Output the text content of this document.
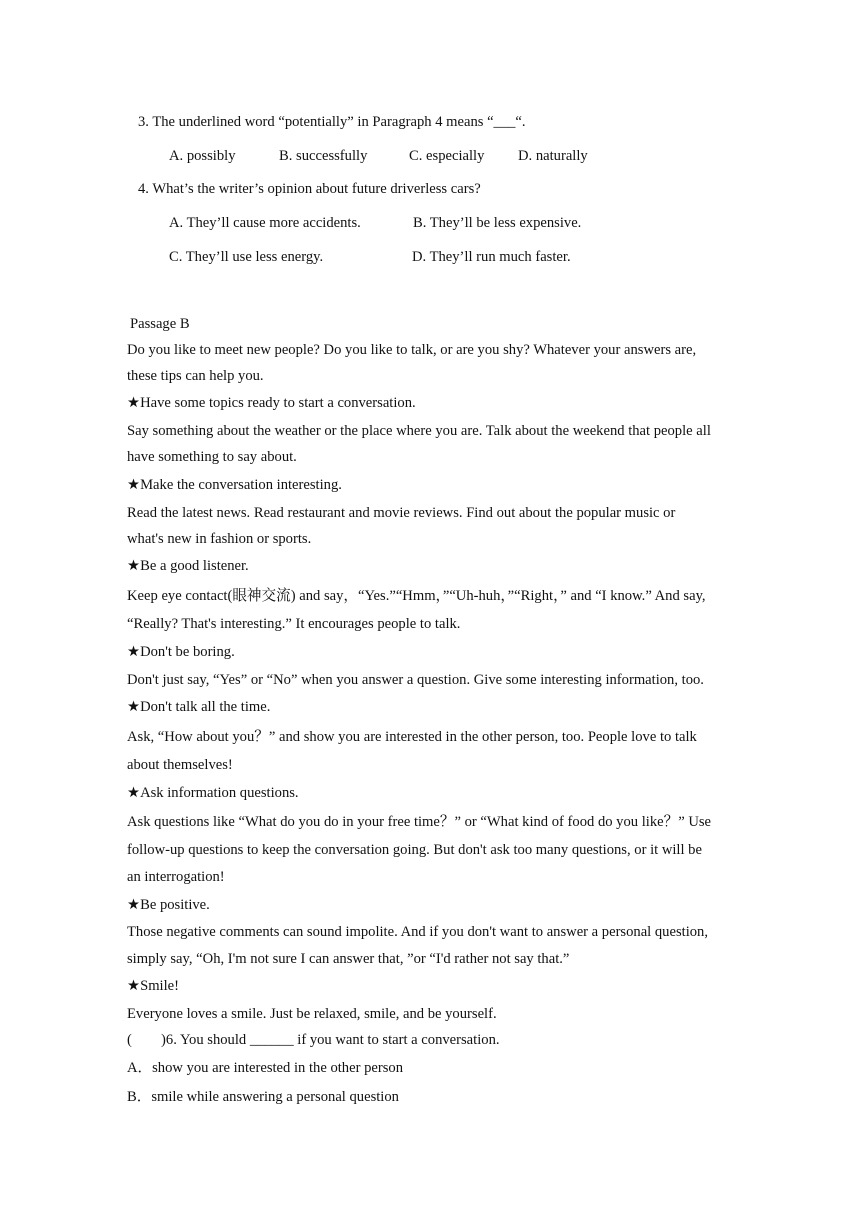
3. The underlined word “potentially” in Paragraph 4 means “___“.
A. possibly	B. successfully	C. especially D. naturally
4. What’s the writer’s opinion about future driverless cars?
A. They’ll cause more accidents.	B. They’ll be less expensive.
C. They’ll use less energy.	D. They’ll run much faster.
Passage B
Do you like to meet new people? Do you like to talk, or are you shy? Whatever your answers are,
these tips can help you.
★Have some topics ready to start a conversation.
Say something about the weather or the place where you are. Talk about the weekend that people all
have something to say about.
★Make the conversation interesting.
Read the latest news. Read restaurant and movie reviews. Find out about the popular music or
what's new in fashion or sports.
★Be a good listener.
Keep eye contact(眼神交流) and say，“Yes.”“Hmm，”“Uh-huh，”“Right，” and “I know.” And say,
“Really? That's interesting.” It encourages people to talk.
★Don't be boring.
Don't just say, “Yes” or “No” when you answer a question. Give some interesting information, too.
★Don't talk all the time.
Ask, “How about you？” and show you are interested in the other person, too. People love to talk
about themselves!
★Ask information questions.
Ask questions like “What do you do in your free time？” or “What kind of food do you like？” Use
follow-up questions to keep the conversation going. But don't ask too many questions, or it will be
an interrogation!
★Be positive.
Those negative comments can sound impolite. And if you don't want to answer a personal question,
simply say, “Oh, I'm not sure I can answer that, ”or “I'd rather not say that.”
★Smile!
Everyone loves a smile. Just be relaxed, smile, and be yourself.
(　　)6. You should ______ if you want to start a conversation.
A．show you are interested in the other person
B．smile while answering a personal question
